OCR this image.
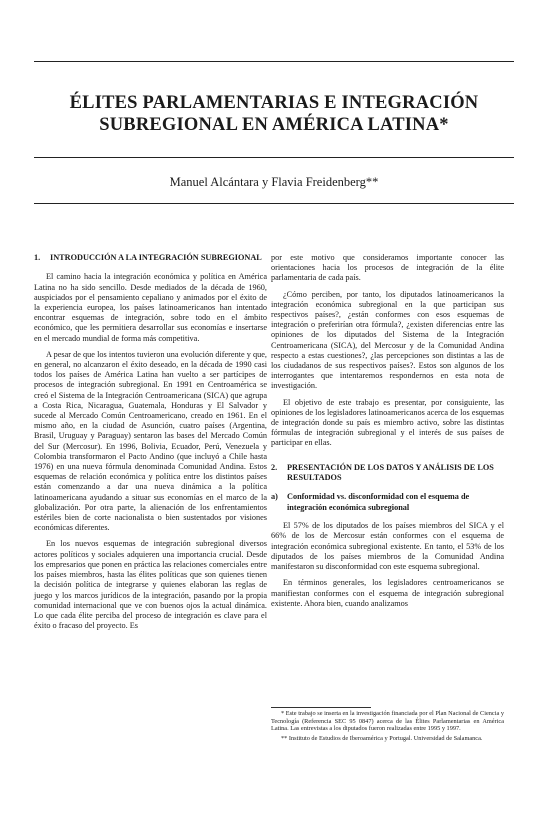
ÉLITES PARLAMENTARIAS E INTEGRACIÓN
SUBREGIONAL EN AMÉRICA LATINA*
Manuel Alcántara y Flavia Freidenberg**
1.	INTRODUCCIÓN A LA INTEGRACIÓN SUBREGIONAL

El camino hacia la integración económica y política en América Latina no ha sido sencillo. Desde mediados de la década de 1960, auspiciados por el pensamiento cepaliano y animados por el éxito de la experiencia europea, los países latinoamericanos han intentado encontrar esquemas de integración, sobre todo en el ámbito económico, que les permitiera desarrollar sus economías e insertarse en el mercado mundial de forma más competitiva.

A pesar de que los intentos tuvieron una evolución diferente y que, en general, no alcanzaron el éxito deseado, en la década de 1990 casi todos los países de América Latina han vuelto a ser partícipes de procesos de integración subregional. En 1991 en Centroamérica se creó el Sistema de la Integración Centroamericana (SICA) que agrupa a Costa Rica, Nicaragua, Guatemala, Honduras y El Salvador y sucede al Mercado Común Centroamericano, creado en 1961. En el mismo año, en la ciudad de Asunción, cuatro países (Argentina, Brasil, Uruguay y Paraguay) sentaron las bases del Mercado Común del Sur (Mercosur). En 1996, Bolivia, Ecuador, Perú, Venezuela y Colombia transformaron el Pacto Andino (que incluyó a Chile hasta 1976) en una nueva fórmula denominada Comunidad Andina. Estos esquemas de relación económica y política entre los distintos países están comenzando a dar una nueva dinámica a la política latinoamericana ayudando a situar sus economías en el marco de la globalización. Por otra parte, la alienación de los enfrentamientos estériles bien de corte nacionalista o bien sustentados por visiones económicas diferentes.

En los nuevos esquemas de integración subregional diversos actores políticos y sociales adquieren una importancia crucial. Desde los empresarios que ponen en práctica las relaciones comerciales entre los países miembros, hasta las élites políticas que son quienes tienen la decisión política de integrarse y quienes elaboran las reglas de juego y los marcos jurídicos de la integración, pasando por la propia comunidad internacional que ve con buenos ojos la actual dinámica. Lo que cada élite perciba del proceso de integración es clave para el éxito o fracaso del proyecto. Es

por este motivo que consideramos importante conocer las orientaciones hacia los procesos de integración de la élite parlamentaria de cada país.

¿Cómo perciben, por tanto, los diputados latinoamericanos la integración económica subregional en la que participan sus respectivos países?, ¿están conformes con esos esquemas de integración o preferirían otra fórmula?, ¿existen diferencias entre las opiniones de los diputados del Sistema de la Integración Centroamericana (SICA), del Mercosur y de la Comunidad Andina respecto a estas cuestiones?, ¿las percepciones son distintas a las de los ciudadanos de sus respectivos países?. Estos son algunos de los interrogantes que intentaremos respondernos en esta nota de investigación.

El objetivo de este trabajo es presentar, por consiguiente, las opiniones de los legisladores latinoamericanos acerca de los esquemas de integración donde su país es miembro activo, sobre las distintas fórmulas de integración subregional y el interés de sus países de participar en ellas.

2.	PRESENTACIÓN DE LOS DATOS Y ANÁLISIS DE LOS RESULTADOS
a)	Conformidad vs. disconformidad con el esquema de integración económica subregional

El 57% de los diputados de los países miembros del SICA y el 66% de los de Mercosur están conformes con el esquema de integración económica subregional existente. En tanto, el 53% de los diputados de los países miembros de la Comunidad Andina manifestaron su disconformidad con este esquema subregional.

En términos generales, los legisladores centroamericanos se manifiestan conformes con el esquema de integración subregional existente. Ahora bien, cuando analizamos

* Este trabajo se inserta en la investigación financiada por el Plan Nacional de Ciencia y Tecnología (Referencia SEC 95 0847) acerca de las Élites Parlamentarias en América Latina. Las entrevistas a los diputados fueron realizadas entre 1995 y 1997.

** Instituto de Estudios de Iberoamérica y Portugal. Universidad de Salamanca.
